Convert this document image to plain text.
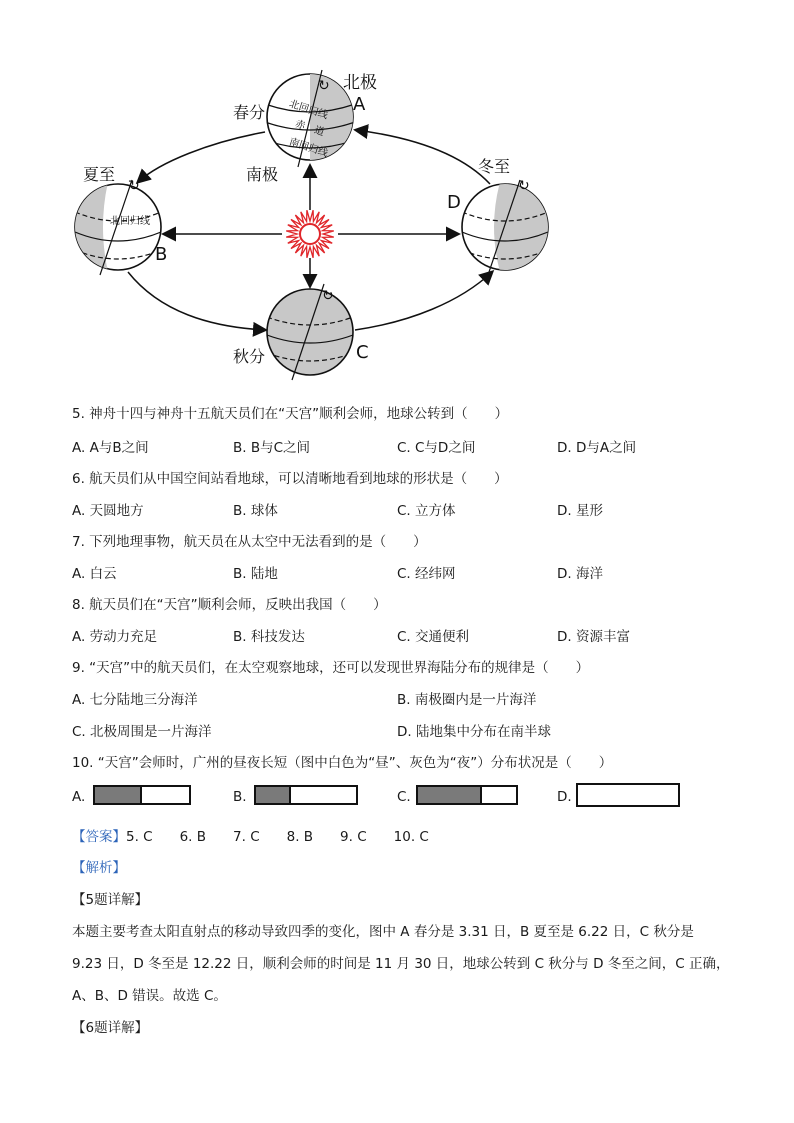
北回归线
赤　道
南回归线
北回归线
↻
↻
↻
↻
北极
A
春分
南极
夏至
B
秋分	C
冬至
D
5. 神舟十四与神舟十五航天员们在“天宫”顺利会师，地球公转到（　　）
A. A与B之间	B. B与C之间	C. C与D之间	D. D与A之间
6. 航天员们从中国空间站看地球，可以清晰地看到地球的形状是（　　）
A. 天圆地方	B. 球体	C. 立方体	D. 星形
7. 下列地理事物，航天员在从太空中无法看到的是（　　）
A. 白云	B. 陆地	C. 经纬网	D. 海洋
8. 航天员们在“天宫”顺利会师，反映出我国（　　）
A. 劳动力充足	B. 科技发达	C. 交通便利	D. 资源丰富
9. “天宫”中的航天员们，在太空观察地球，还可以发现世界海陆分布的规律是（　　）
A. 七分陆地三分海洋	B. 南极圈内是一片海洋
C. 北极周围是一片海洋	D. 陆地集中分布在南半球
10. “天宫”会师时，广州的昼夜长短（图中白色为“昼”、灰色为“夜”）分布状况是（　　）
A.	B.	C.	D.
【答案】5. C　　6. B　　7. C　　8. B　　9. C　　10. C
【解析】
【5题详解】
本题主要考查太阳直射点的移动导致四季的变化，图中 A 春分是 3.31 日，B 夏至是 6.22 日，C 秋分是
9.23 日，D 冬至是 12.22 日，顺利会师的时间是 11 月 30 日，地球公转到 C 秋分与 D 冬至之间，C 正确，
A、B、D 错误。故选 C。
【6题详解】
